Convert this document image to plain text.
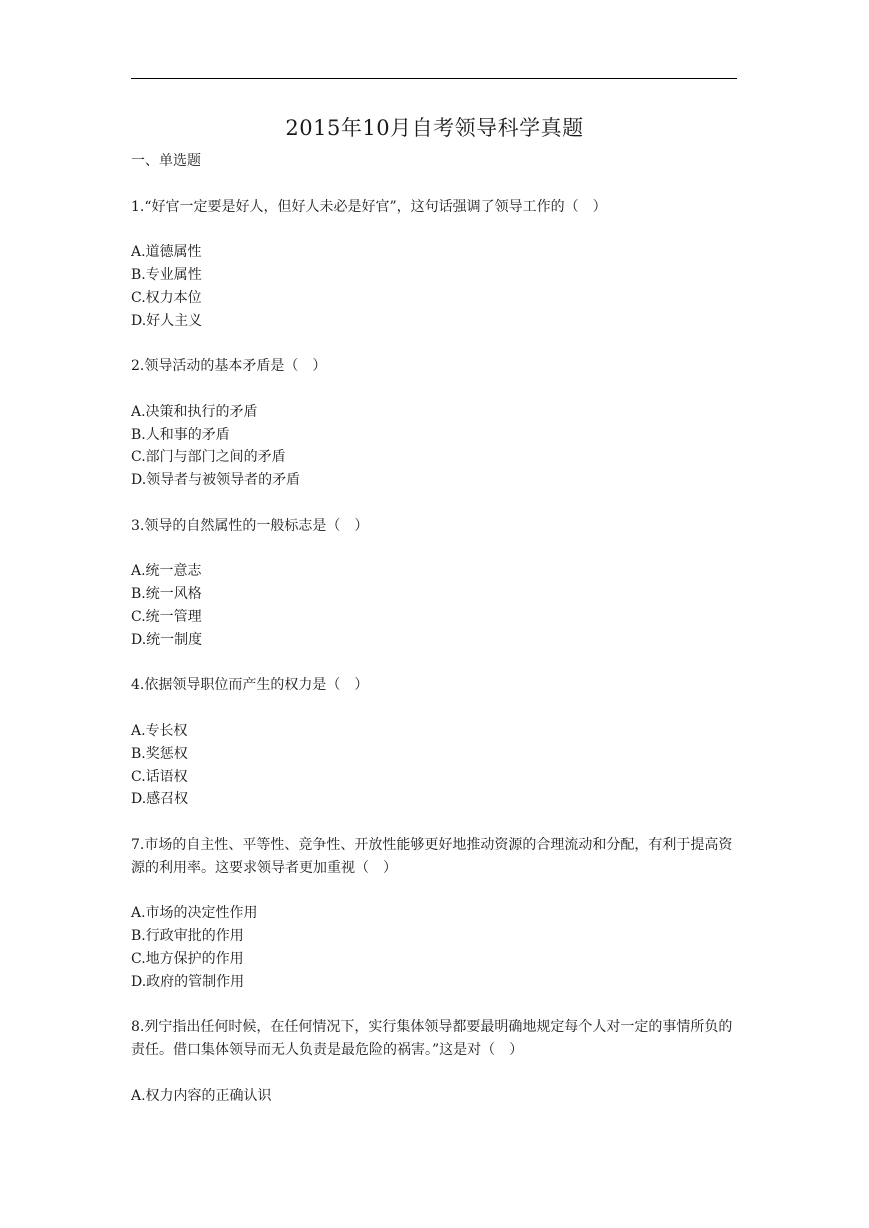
2015年10月自考领导科学真题

一、单选题

1.“好官一定要是好人，但好人未必是好官”，这句话强调了领导工作的（　）

A.道德属性

B.专业属性

C.权力本位

D.好人主义

2.领导活动的基本矛盾是（　）

A.决策和执行的矛盾

B.人和事的矛盾

C.部门与部门之间的矛盾

D.领导者与被领导者的矛盾

3.领导的自然属性的一般标志是（　）

A.统一意志

B.统一风格

C.统一管理

D.统一制度

4.依据领导职位而产生的权力是（　）

A.专长权

B.奖惩权

C.话语权

D.感召权

7.市场的自主性、平等性、竞争性、开放性能够更好地推动资源的合理流动和分配，有利于提高资源的利用率。这要求领导者更加重视（　）

A.市场的决定性作用

B.行政审批的作用

C.地方保护的作用

D.政府的管制作用

8.列宁指出任何时候，在任何情况下，实行集体领导都要最明确地规定每个人对一定的事情所负的责任。借口集体领导而无人负责是最危险的祸害。”这是对（　）

A.权力内容的正确认识
